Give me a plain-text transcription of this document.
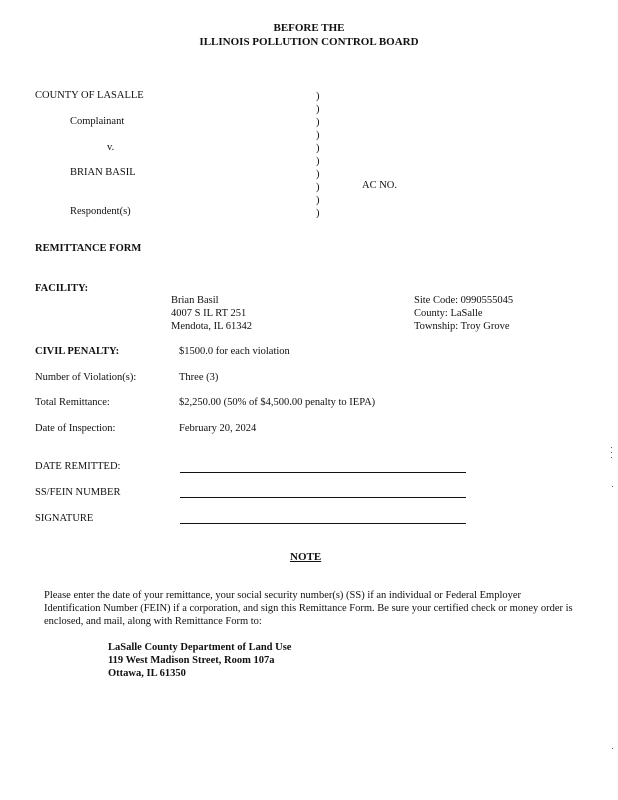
BEFORE THE
ILLINOIS POLLUTION CONTROL BOARD
COUNTY OF LASALLE
Complainant
v.
BRIAN BASIL
Respondent(s)
AC NO.
)
)
)
)
)
)
)
)
)
)
REMITTANCE FORM
FACILITY:
Brian Basil
4007 S IL RT 251
Mendota, IL 61342
Site Code: 0990555045
County: LaSalle
Township: Troy Grove
CIVIL PENALTY:	$1500.0 for each violation
Number of Violation(s):	Three (3)
Total Remittance:	$2,250.00 (50% of $4,500.00 penalty to IEPA)
Date of Inspection:	February 20, 2024
DATE REMITTED:
SS/FEIN NUMBER
SIGNATURE
NOTE
Please enter the date of your remittance, your social security number(s) (SS) if an individual or Federal Employer Identification Number (FEIN) if a corporation, and sign this Remittance Form. Be sure your certified check or money order is enclosed, and mail, along with Remittance Form to:
LaSalle County Department of Land Use
119 West Madison Street, Room 107a
Ottawa, IL 61350
